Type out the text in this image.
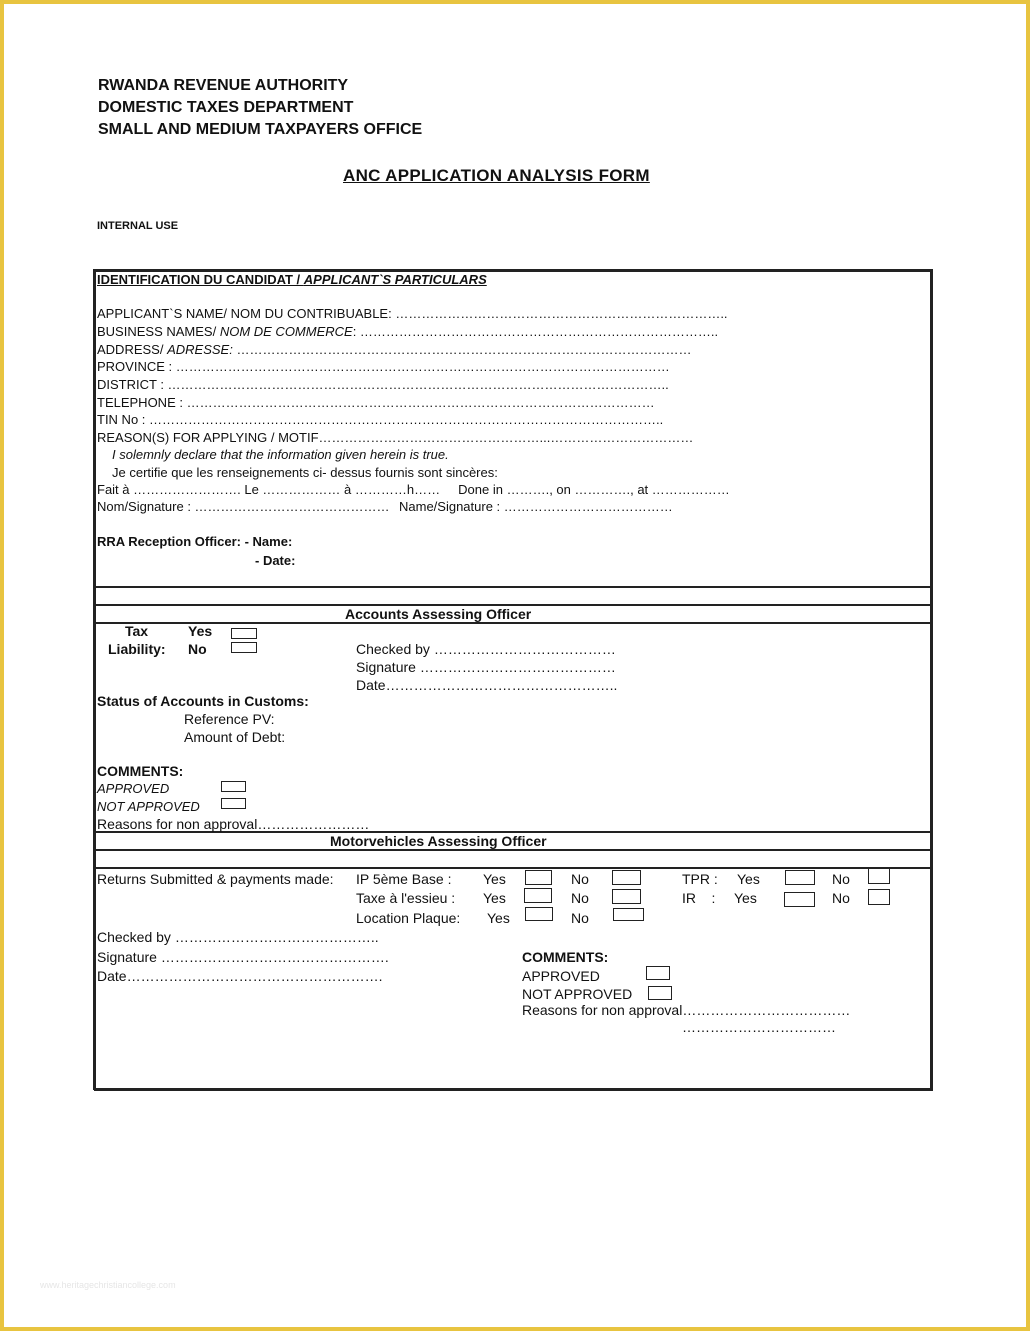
RWANDA REVENUE AUTHORITY
DOMESTIC TAXES DEPARTMENT
SMALL AND MEDIUM TAXPAYERS OFFICE
ANC APPLICATION ANALYSIS FORM
INTERNAL USE
IDENTIFICATION DU CANDIDAT / APPLICANT`S PARTICULARS
APPLICANT`S NAME/ NOM DU CONTRIBUABLE: …………………………………………………………………..
BUSINESS NAMES/ NOM DE COMMERCE: ………………………………………………………………………..
ADDRESS/ ADRESSE: ……………………………………………………………………………………………
PROVINCE : ……………………………………………………………………………………………………
DISTRICT : ……………………………………………………………………………………………………..
TELEPHONE : ………………………………………………………………………………………………
TIN No : ………………………………………………………………………………………………………..
REASON(S) FOR APPLYING / MOTIF……………………………………………...……………………………
I solemnly declare that the information given herein is true.
Je certifie que les renseignements ci- dessus fournis sont sincères:
Fait à ……………………. Le ……………… à …………h……     Done in ………., on …………., at ………………
Nom/Signature : ……………………………………… Name/Signature : …………………………………
RRA Reception Officer: - Name:
- Date:
Accounts Assessing Officer
Tax
Liability:
Yes
No	Checked by …………………………………
Signature ……………………………………
Date…………………………………………..
Status of Accounts in Customs:
Reference PV:
Amount of Debt:
COMMENTS:
APPROVED
NOT APPROVED
Reasons for non approval……………………
Motorvehicles Assessing Officer
Returns Submitted & payments made: IP 5ème Base :
Taxe à l'essieu :
Location Plaque:
Yes
Yes
Yes
No
No
No
TPR :
IR    :
Yes
Yes
No
No
Checked by ……………………………………..
Signature ………………………………………….
Date……………………………………………….
COMMENTS:
APPROVED
NOT APPROVED
Reasons for non approval………………………………
……………………………
www.heritagechristiancollege.com
